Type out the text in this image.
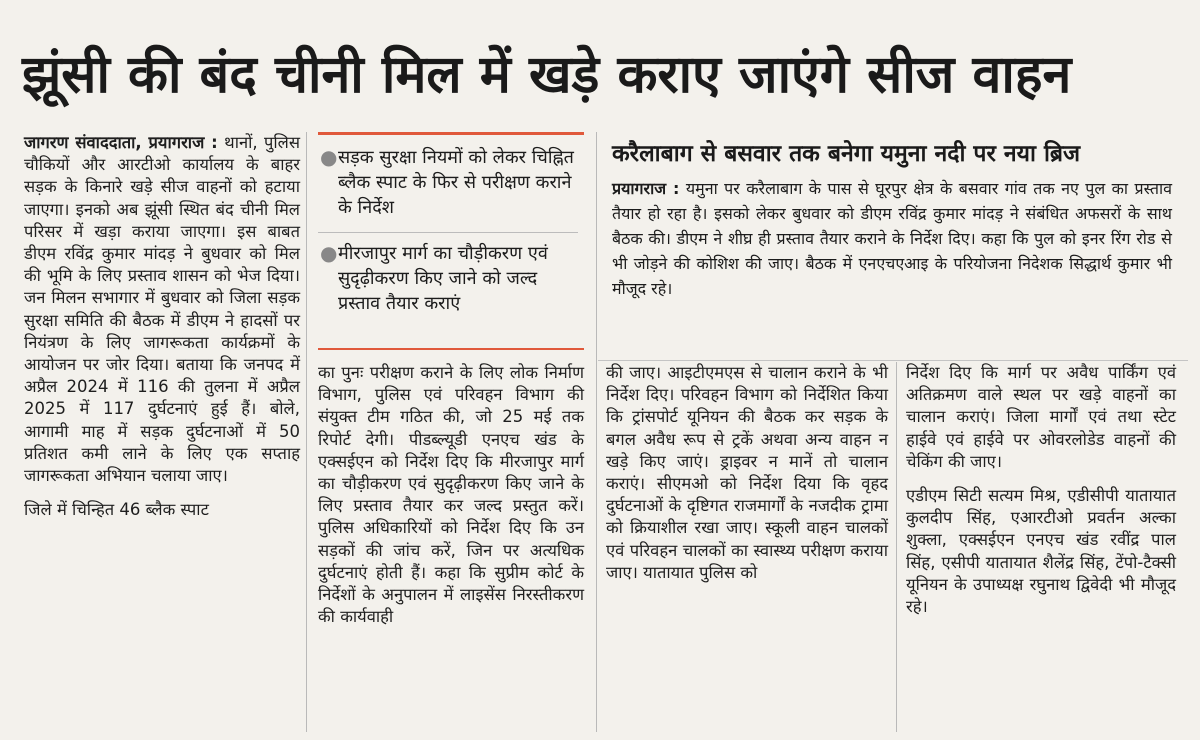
झूंसी की बंद चीनी मिल में खड़े कराए जाएंगे सीज वाहन

जागरण संवाददाता, प्रयागराज : थानों, पुलिस चौकियों और आरटीओ कार्यालय के बाहर सड़क के किनारे खड़े सीज वाहनों को हटाया जाएगा। इनको अब झूंसी स्थित बंद चीनी मिल परिसर में खड़ा कराया जाएगा। इस बाबत डीएम रविंद्र कुमार मांदड़ ने बुधवार को मिल की भूमि के लिए प्रस्ताव शासन को भेज दिया। जन मिलन सभागार में बुधवार को जिला सड़क सुरक्षा समिति की बैठक में डीएम ने हादसों पर नियंत्रण के लिए जागरूकता कार्यक्रमों के आयोजन पर जोर दिया। बताया कि जनपद में अप्रैल 2024 में 116 की तुलना में अप्रैल 2025 में 117 दुर्घटनाएं हुई हैं। बोले, आगामी माह में सड़क दुर्घटनाओं में 50 प्रतिशत कमी लाने के लिए एक सप्ताह जागरूकता अभियान चलाया जाए।

जिले में चिन्हित 46 ब्लैक स्पाट

● सड़क सुरक्षा नियमों को लेकर चिह्नित ब्लैक स्पाट के फिर से परीक्षण कराने के निर्देश
● मीरजापुर मार्ग का चौड़ीकरण एवं सुदृढ़ीकरण किए जाने को जल्द प्रस्ताव तैयार कराएं
करैलाबाग से बसवार तक बनेगा यमुना नदी पर नया ब्रिज
प्रयागराज : यमुना पर करैलाबाग के पास से घूरपुर क्षेत्र के बसवार गांव तक नए पुल का प्रस्ताव तैयार हो रहा है। इसको लेकर बुधवार को डीएम रविंद्र कुमार मांदड़ ने संबंधित अफसरों के साथ बैठक की। डीएम ने शीघ्र ही प्रस्ताव तैयार कराने के निर्देश दिए। कहा कि पुल को इनर रिंग रोड से भी जोड़ने की कोशिश की जाए। बैठक में एनएचएआइ के परियोजना निदेशक सिद्धार्थ कुमार भी मौजूद रहे।

का पुनः परीक्षण कराने के लिए लोक निर्माण विभाग, पुलिस एवं परिवहन विभाग की संयुक्त टीम गठित की, जो 25 मई तक रिपोर्ट देगी। पीडब्ल्यूडी एनएच खंड के एक्सईएन को निर्देश दिए कि मीरजापुर मार्ग का चौड़ीकरण एवं सुदृढ़ीकरण किए जाने के लिए प्रस्ताव तैयार कर जल्द प्रस्तुत करें। पुलिस अधिकारियों को निर्देश दिए कि उन सड़कों की जांच करें, जिन पर अत्यधिक दुर्घटनाएं होती हैं। कहा कि सुप्रीम कोर्ट के निर्देशों के अनुपालन में लाइसेंस निरस्तीकरण की कार्यवाही

की जाए। आइटीएमएस से चालान कराने के भी निर्देश दिए। परिवहन विभाग को निर्देशित किया कि ट्रांसपोर्ट यूनियन की बैठक कर सड़क के बगल अवैध रूप से ट्रकें अथवा अन्य वाहन न खड़े किए जाएं। ड्राइवर न मानें तो चालान कराएं। सीएमओ को निर्देश दिया कि वृहद दुर्घटनाओं के दृष्टिगत राजमार्गों के नजदीक ट्रामा को क्रियाशील रखा जाए। स्कूली वाहन चालकों एवं परिवहन चालकों का स्वास्थ्य परीक्षण कराया जाए। यातायात पुलिस को

निर्देश दिए कि मार्ग पर अवैध पार्किंग एवं अतिक्रमण वाले स्थल पर खड़े वाहनों का चालान कराएं। जिला मार्गों एवं तथा स्टेट हाईवे एवं हाईवे पर ओवरलोडेड वाहनों की चेकिंग की जाए।

एडीएम सिटी सत्यम मिश्र, एडीसीपी यातायात कुलदीप सिंह, एआरटीओ प्रवर्तन अल्का शुक्ला, एक्सईएन एनएच खंड रवींद्र पाल सिंह, एसीपी यातायात शैलेंद्र सिंह, टेंपो-टैक्सी यूनियन के उपाध्यक्ष रघुनाथ द्विवेदी भी मौजूद रहे।
